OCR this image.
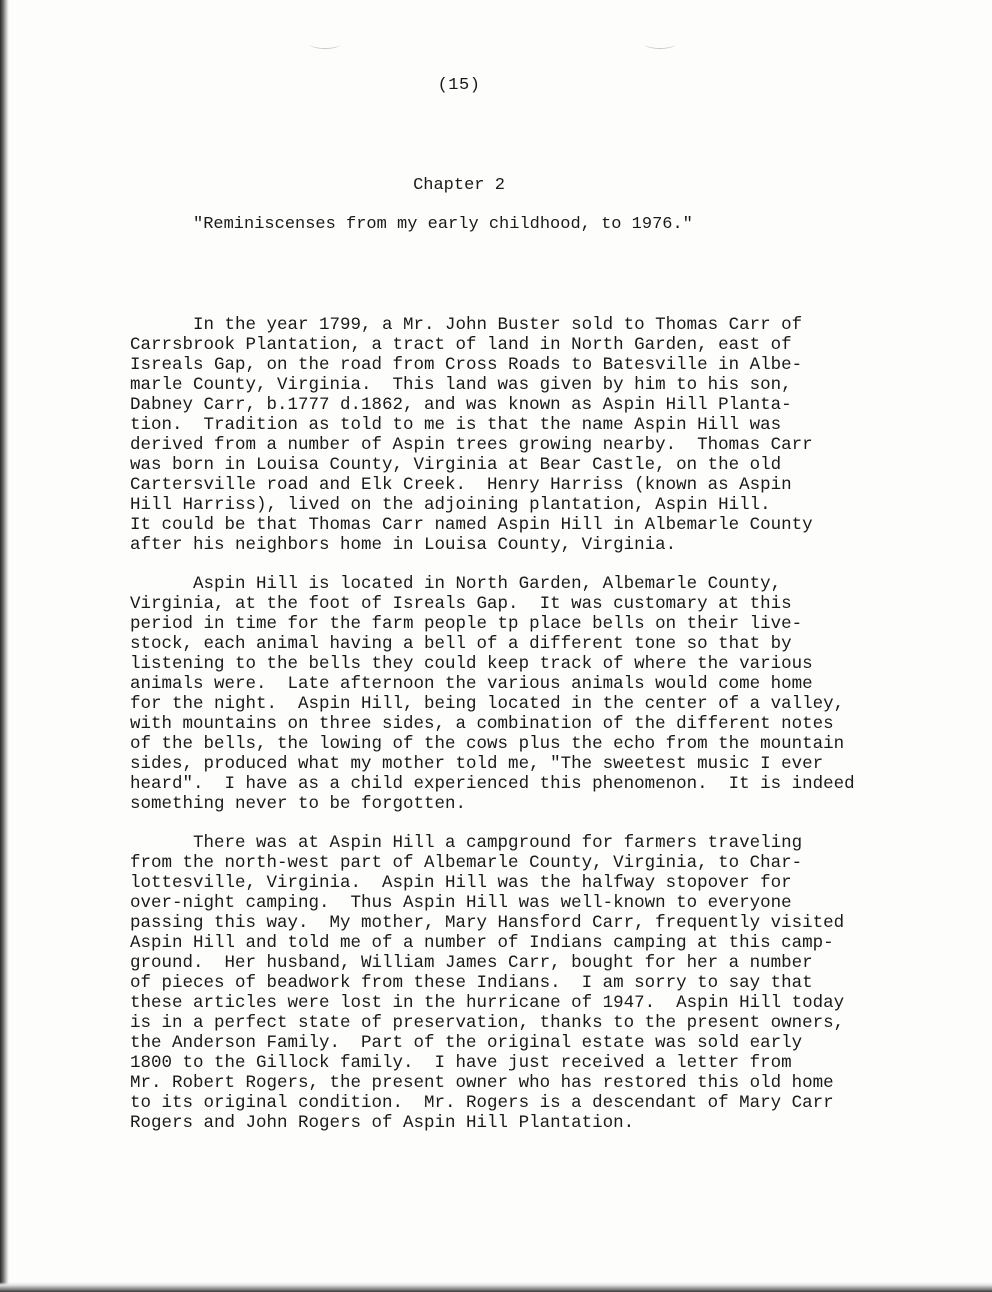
(15)
Chapter 2
"Reminiscenses from my early childhood, to 1976."

In the year 1799, a Mr. John Buster sold to Thomas Carr of
Carrsbrook Plantation, a tract of land in North Garden, east of
Isreals Gap, on the road from Cross Roads to Batesville in Albe-
marle County, Virginia.  This land was given by him to his son,
Dabney Carr, b.1777 d.1862, and was known as Aspin Hill Planta-
tion.  Tradition as told to me is that the name Aspin Hill was
derived from a number of Aspin trees growing nearby.  Thomas Carr
was born in Louisa County, Virginia at Bear Castle, on the old
Cartersville road and Elk Creek.  Henry Harriss (known as Aspin
Hill Harriss), lived on the adjoining plantation, Aspin Hill.
It could be that Thomas Carr named Aspin Hill in Albemarle County
after his neighbors home in Louisa County, Virginia.

Aspin Hill is located in North Garden, Albemarle County,
Virginia, at the foot of Isreals Gap.  It was customary at this
period in time for the farm people tp place bells on their live-
stock, each animal having a bell of a different tone so that by
listening to the bells they could keep track of where the various
animals were.  Late afternoon the various animals would come home
for the night.  Aspin Hill, being located in the center of a valley,
with mountains on three sides, a combination of the different notes
of the bells, the lowing of the cows plus the echo from the mountain
sides, produced what my mother told me, "The sweetest music I ever
heard".  I have as a child experienced this phenomenon.  It is indeed
something never to be forgotten.

There was at Aspin Hill a campground for farmers traveling
from the north-west part of Albemarle County, Virginia, to Char-
lottesville, Virginia.  Aspin Hill was the halfway stopover for
over-night camping.  Thus Aspin Hill was well-known to everyone
passing this way.  My mother, Mary Hansford Carr, frequently visited
Aspin Hill and told me of a number of Indians camping at this camp-
ground.  Her husband, William James Carr, bought for her a number
of pieces of beadwork from these Indians.  I am sorry to say that
these articles were lost in the hurricane of 1947.  Aspin Hill today
is in a perfect state of preservation, thanks to the present owners,
the Anderson Family.  Part of the original estate was sold early
1800 to the Gillock family.  I have just received a letter from
Mr. Robert Rogers, the present owner who has restored this old home
to its original condition.  Mr. Rogers is a descendant of Mary Carr
Rogers and John Rogers of Aspin Hill Plantation.
